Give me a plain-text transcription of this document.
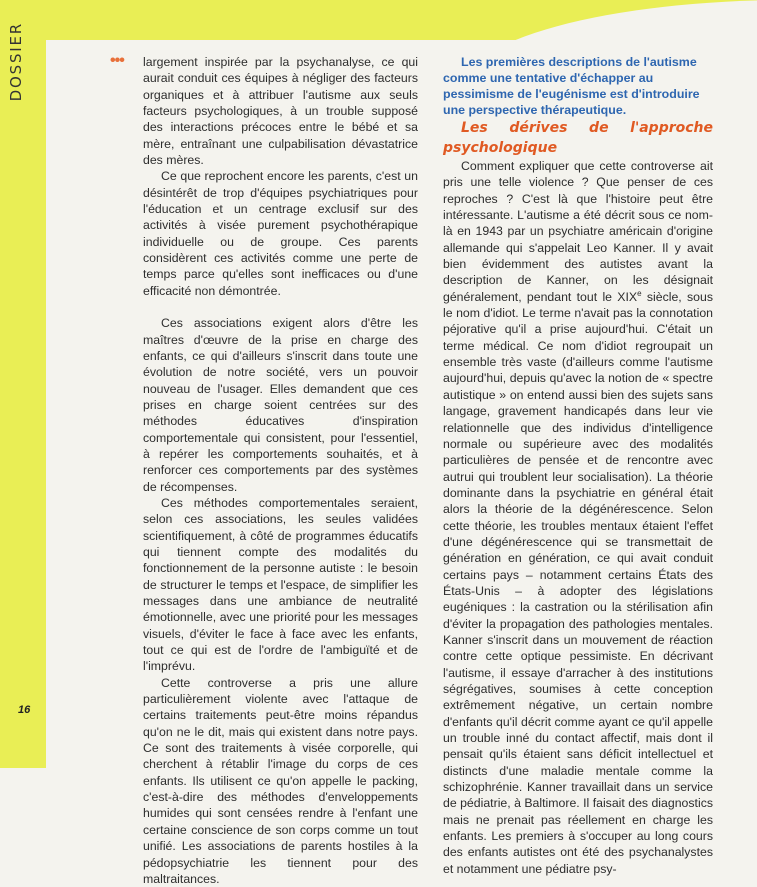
DOSSIER
16
••• largement inspirée par la psychanalyse, ce qui aurait conduit ces équipes à négliger des facteurs organiques et à attribuer l'autisme aux seuls facteurs psychologiques, à un trouble supposé des interactions précoces entre le bébé et sa mère, entraînant une culpabilisation dévastatrice des mères.

Ce que reprochent encore les parents, c'est un désintérêt de trop d'équipes psychiatriques pour l'éducation et un centrage exclusif sur des activités à visée purement psychothérapique individuelle ou de groupe. Ces parents considèrent ces activités comme une perte de temps parce qu'elles sont inefficaces ou d'une efficacité non démontrée.

Ces associations exigent alors d'être les maîtres d'œuvre de la prise en charge des enfants, ce qui d'ailleurs s'inscrit dans toute une évolution de notre société, vers un pouvoir nouveau de l'usager. Elles demandent que ces prises en charge soient centrées sur des méthodes éducatives d'inspiration comportementale qui consistent, pour l'essentiel, à repérer les comportements souhaités, et à renforcer ces comportements par des systèmes de récompenses.

Ces méthodes comportementales seraient, selon ces associations, les seules validées scientifiquement, à côté de programmes éducatifs qui tiennent compte des modalités du fonctionnement de la personne autiste : le besoin de structurer le temps et l'espace, de simplifier les messages dans une ambiance de neutralité émotionnelle, avec une priorité pour les messages visuels, d'éviter le face à face avec les enfants, tout ce qui est de l'ordre de l'ambiguïté et de l'imprévu.

Cette controverse a pris une allure particulièrement violente avec l'attaque de certains traitements peut-être moins répandus qu'on ne le dit, mais qui existent dans notre pays. Ce sont des traitements à visée corporelle, qui cherchent à rétablir l'image du corps de ces enfants. Ils utilisent ce qu'on appelle le packing, c'est-à-dire des méthodes d'enveloppements humides qui sont censées rendre à l'enfant une certaine conscience de son corps comme un tout unifié. Les associations de parents hostiles à la pédopsychiatrie les tiennent pour des maltraitances.

Les premières descriptions de l'autisme comme une tentative d'échapper au pessimisme de l'eugénisme est d'introduire une perspective thérapeutique.

Les dérives de l'approche psychologique

Comment expliquer que cette controverse ait pris une telle violence ? Que penser de ces reproches ? C'est là que l'histoire peut être intéressante. L'autisme a été décrit sous ce nom-là en 1943 par un psychiatre américain d'origine allemande qui s'appelait Leo Kanner. Il y avait bien évidemment des autistes avant la description de Kanner, on les désignait généralement, pendant tout le XIXe siècle, sous le nom d'idiot. Le terme n'avait pas la connotation péjorative qu'il a prise aujourd'hui. C'était un terme médical. Ce nom d'idiot regroupait un ensemble très vaste (d'ailleurs comme l'autisme aujourd'hui, depuis qu'avec la notion de « spectre autistique » on entend aussi bien des sujets sans langage, gravement handicapés dans leur vie relationnelle que des individus d'intelligence normale ou supérieure avec des modalités particulières de pensée et de rencontre avec autrui qui troublent leur socialisation). La théorie dominante dans la psychiatrie en général était alors la théorie de la dégénérescence. Selon cette théorie, les troubles mentaux étaient l'effet d'une dégénérescence qui se transmettait de génération en génération, ce qui avait conduit certains pays – notamment certains États des États-Unis – à adopter des législations eugéniques : la castration ou la stérilisation afin d'éviter la propagation des pathologies mentales. Kanner s'inscrit dans un mouvement de réaction contre cette optique pessimiste. En décrivant l'autisme, il essaye d'arracher à des institutions ségrégatives, soumises à cette conception extrêmement négative, un certain nombre d'enfants qu'il décrit comme ayant ce qu'il appelle un trouble inné du contact affectif, mais dont il pensait qu'ils étaient sans déficit intellectuel et distincts d'une maladie mentale comme la schizophrénie. Kanner travaillait dans un service de pédiatrie, à Baltimore. Il faisait des diagnostics mais ne prenait pas réellement en charge les enfants. Les premiers à s'occuper au long cours des enfants autistes ont été des psychanalystes et notamment une pédiatre psy-
